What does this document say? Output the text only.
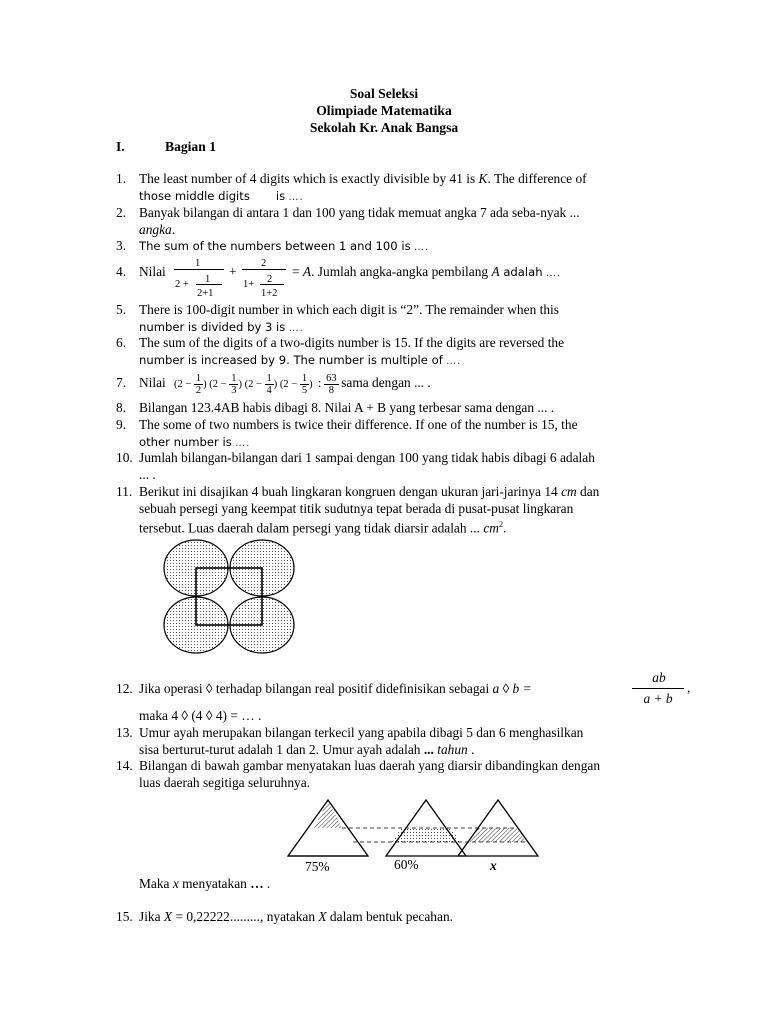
Soal Seleksi
Olimpiade Matematika
Sekolah Kr. Anak Bangsa
I.	Bagian 1
1. The least number of 4 digits which is exactly divisible by 41 is K. The difference of
those middle digits is ….
2. Banyak bilangan di antara 1 dan 100 yang tidak memuat angka 7 ada seba-nyak ...
angka.
3. The sum of the numbers between 1 and 100 is ….
4. Nilai
1
2 + 1
2+1
+
2
1+ 2
1+2
= A. Jumlah angka-angka pembilang A adalah ….
5. There is 100-digit number in which each digit is “2”. The remainder when this
number is divided by 3 is ….
6. The sum of the digits of a two-digits number is 15. If the digits are reversed the
number is increased by 9. The number is multiple of ….
7. Nilai ($2 - \frac{1}{2}$ ) ($2 - \frac{1}{3}$ ) ($2 - \frac{1}{4}$ ) ($2 - \frac{1}{5}$ ) : $\frac{63}{8}$ sama dengan ... .
8. Bilangan 123.4AB habis dibagi 8. Nilai A + B yang terbesar sama dengan ... .
9. The some of two numbers is twice their difference. If one of the number is 15, the
other number is ….
10. Jumlah bilangan-bilangan dari 1 sampai dengan 100 yang tidak habis dibagi 6 adalah
... .
11. Berikut ini disajikan 4 buah lingkaran kongruen dengan ukuran jari-jarinya 14 cm dan
sebuah persegi yang keempat titik sudutnya tepat berada di pusat-pusat lingkaran
tersebut. Luas daerah dalam persegi yang tidak diarsir adalah ... $cm^2$.
12. Jika operasi ◊ terhadap bilangan real positif didefinisikan sebagai a ◊ b =
ab
a + b
,
maka 4 ◊ (4 ◊ 4) = … .
13. Umur ayah merupakan bilangan terkecil yang apabila dibagi 5 dan 6 menghasilkan
sisa berturut-turut adalah 1 dan 2. Umur ayah adalah ... tahun .
14. Bilangan di bawah gambar menyatakan luas daerah yang diarsir dibandingkan dengan
luas daerah segitiga seluruhnya.
75%	60%	x
Maka x menyatakan … .
15. Jika X = 0,22222........., nyatakan X dalam bentuk pecahan.
